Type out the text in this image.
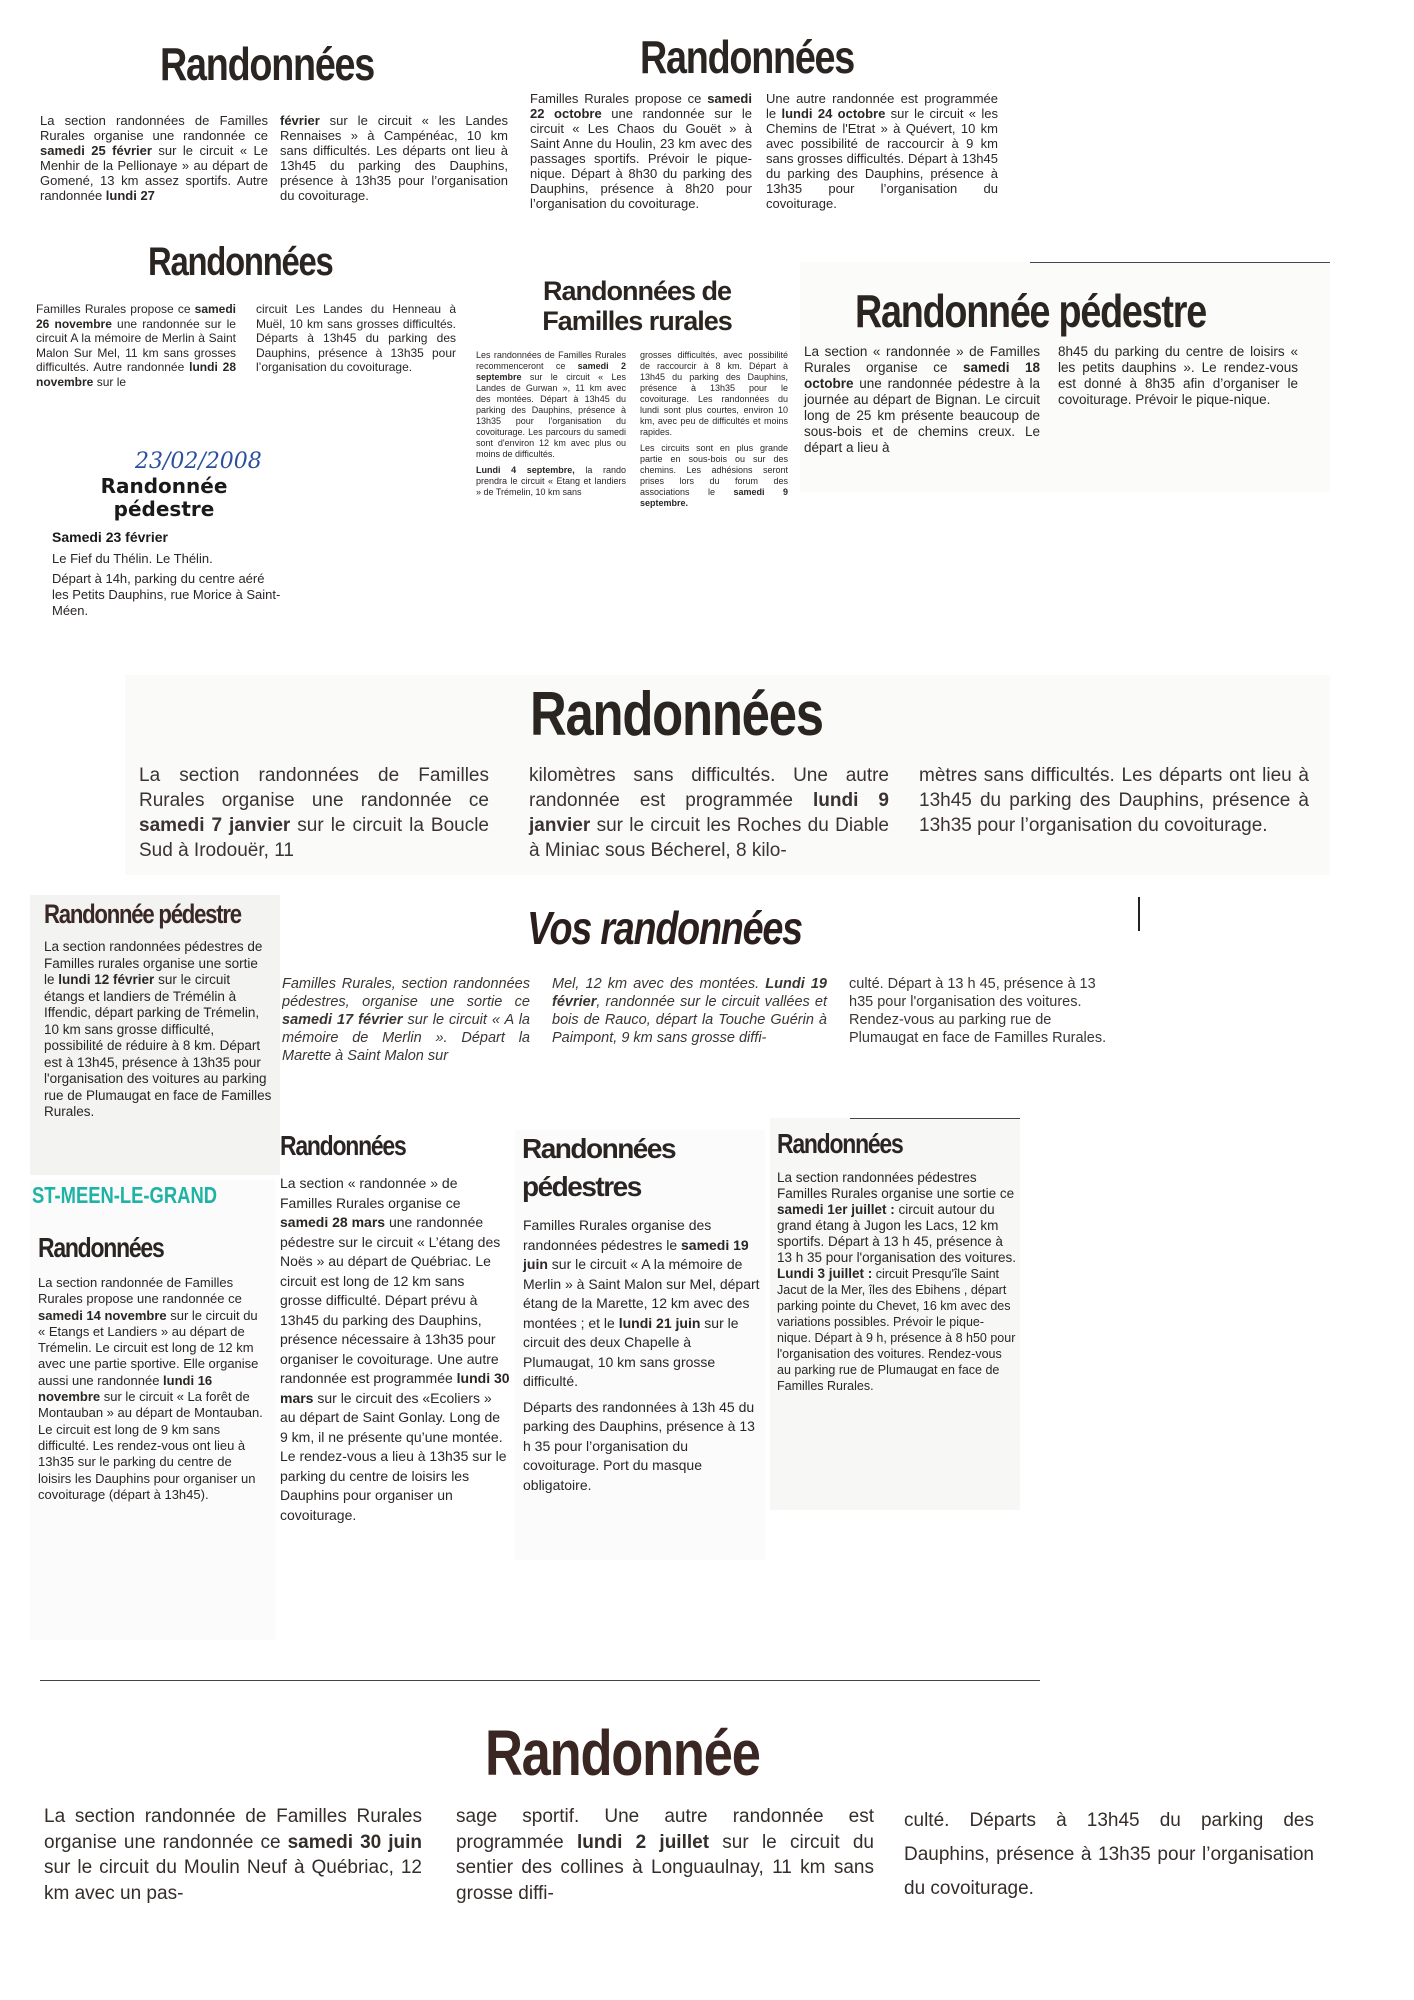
Randonnées
La section randonnées de Familles Rurales organise une randonnée ce samedi 25 février sur le circuit « Le Menhir de la Pellionaye » au départ de Gomené, 13 km assez sportifs. Autre randonnée lundi 27
février sur le circuit « les Landes Rennaises » à Campénéac, 10 km sans difficultés. Les départs ont lieu à 13h45 du parking des Dauphins, présence à 13h35 pour l’organisation du covoiturage.
Randonnées
Familles Rurales propose ce samedi 22 octobre une randonnée sur le circuit « Les Chaos du Gouët » à Saint Anne du Houlin, 23 km avec des passages sportifs. Prévoir le pique-nique. Départ à 8h30 du parking des Dauphins, présence à 8h20 pour l’organisation du covoiturage.
Une autre randonnée est programmée le lundi 24 octobre sur le circuit « les Chemins de l'Etrat » à Quévert, 10 km avec possibilité de raccourcir à 9 km sans grosses difficultés. Départ à 13h45 du parking des Dauphins, présence à 13h35 pour l’organisation du covoiturage.
Randonnées
Familles Rurales propose ce samedi 26 novembre une randonnée sur le circuit A la mémoire de Merlin à Saint Malon Sur Mel, 11 km sans grosses difficultés. Autre randonnée lundi 28 novembre sur le
circuit Les Landes du Henneau à Muël, 10 km sans grosses difficultés. Départs à 13h45 du parking des Dauphins, présence à 13h35 pour l’organisation du covoiturage.
Randonnées de Familles rurales
Les randonnées de Familles Rurales recommenceront ce samedi 2 septembre sur le circuit « Les Landes de Gurwan », 11 km avec des montées. Départ à 13h45 du parking des Dauphins, présence à 13h35 pour l'organisation du covoiturage. Les parcours du samedi sont d'environ 12 km avec plus ou moins de difficultés.
Lundi 4 septembre, la rando prendra le circuit « Etang et landiers » de Trémelin, 10 km sans
grosses difficultés, avec possibilité de raccourcir à 8 km. Départ à 13h45 du parking des Dauphins, présence à 13h35 pour le covoiturage. Les randonnées du lundi sont plus courtes, environ 10 km, avec peu de difficultés et moins rapides.
Les circuits sont en plus grande partie en sous-bois ou sur des chemins. Les adhésions seront prises lors du forum des associations le samedi 9 septembre.
Randonnée pédestre
La section « randonnée » de Familles Rurales organise ce samedi 18 octobre une randonnée pédestre à la journée au départ de Bignan. Le circuit long de 25 km présente beaucoup de sous-bois et de chemins creux. Le départ a lieu à
8h45 du parking du centre de loisirs « les petits dauphins ». Le rendez-vous est donné à 8h35 afin d’organiser le covoiturage. Prévoir le pique-nique.
23/02/2008
Randonnée pédestre
Samedi 23 février
Le Fief du Thélin. Le Thélin.
Départ à 14h, parking du centre aéré les Petits Dauphins, rue Morice à Saint-Méen.
Randonnées
La section randonnées de Familles Rurales organise une randonnée ce samedi 7 janvier sur le circuit la Boucle Sud à Irodouër, 11
kilomètres sans difficultés. Une autre randonnée est programmée lundi 9 janvier sur le circuit les Roches du Diable à Miniac sous Bécherel, 8 kilo-
mètres sans difficultés. Les départs ont lieu à 13h45 du parking des Dauphins, présence à 13h35 pour l’organisation du covoiturage.
Randonnée pédestre
La section randonnées pédestres de Familles rurales organise une sortie le lundi 12 février sur le circuit étangs et landiers de Trémélin à Iffendic, départ parking de Trémelin, 10 km sans grosse difficulté, possibilité de réduire à 8 km. Départ est à 13h45, présence à 13h35 pour l'organisation des voitures au parking rue de Plumaugat en face de Familles Rurales.
Vos randonnées
Familles Rurales, section randonnées pédestres, organise une sortie ce samedi 17 février sur le circuit « A la mémoire de Merlin ». Départ la Marette à Saint Malon sur
Mel, 12 km avec des montées. Lundi 19 février, randonnée sur le circuit vallées et bois de Rauco, départ la Touche Guérin à Paimpont, 9 km sans grosse diffi-
culté. Départ à 13 h 45, présence à 13 h35 pour l'organisation des voitures. Rendez-vous au parking rue de Plumaugat en face de Familles Rurales.
ST-MEEN-LE-GRAND
Randonnées
La section randonnée de Familles Rurales propose une randonnée ce samedi 14 novembre sur le circuit du « Etangs et Landiers » au départ de Trémelin. Le circuit est long de 12 km avec une partie sportive. Elle organise aussi une randonnée lundi 16 novembre sur le circuit « La forêt de Montauban » au départ de Montauban. Le circuit est long de 9 km sans difficulté. Les rendez-vous ont lieu à 13h35 sur le parking du centre de loisirs les Dauphins pour organiser un covoiturage (départ à 13h45).
Randonnées
La section « randonnée » de Familles Rurales organise ce samedi 28 mars une randonnée pédestre sur le circuit « L’étang des Noës » au départ de Québriac. Le circuit est long de 12 km sans grosse difficulté. Départ prévu à 13h45 du parking des Dauphins, présence nécessaire à 13h35 pour organiser le covoiturage. Une autre randonnée est programmée lundi 30 mars sur le circuit des «Ecoliers » au départ de Saint Gonlay. Long de 9 km, il ne présente qu’une montée. Le rendez-vous a lieu à 13h35 sur le parking du centre de loisirs les Dauphins pour organiser un covoiturage.
Randonnées pédestres
Familles Rurales organise des randonnées pédestres le samedi 19 juin sur le circuit « A la mémoire de Merlin » à Saint Malon sur Mel, départ étang de la Marette, 12 km avec des montées ; et le lundi 21 juin sur le circuit des deux Chapelle à Plumaugat, 10 km sans grosse difficulté.
Départs des randonnées à 13h 45 du parking des Dauphins, présence à 13 h 35 pour l’organisation du covoiturage. Port du masque obligatoire.
Randonnées
La section randonnées pédestres Familles Rurales organise une sortie ce samedi 1er juillet : circuit autour du grand étang à Jugon les Lacs, 12 km sportifs. Départ à 13 h 45, présence à 13 h 35 pour l'organisation des voitures. Lundi 3 juillet : circuit Presqu'île Saint Jacut de la Mer, îles des Ebihens , départ parking pointe du Chevet, 16 km avec des variations possibles. Prévoir le pique-nique. Départ à 9 h, présence à 8 h50 pour l'organisation des voitures. Rendez-vous au parking rue de Plumaugat en face de Familles Rurales.
Randonnée
La section randonnée de Familles Rurales organise une randonnée ce samedi 30 juin sur le circuit du Moulin Neuf à Québriac, 12 km avec un pas-
sage sportif. Une autre randonnée est programmée lundi 2 juillet sur le circuit du sentier des collines à Longuaulnay, 11 km sans grosse diffi-
culté. Départs à 13h45 du parking des Dauphins, présence à 13h35 pour l’organisation du covoiturage.
